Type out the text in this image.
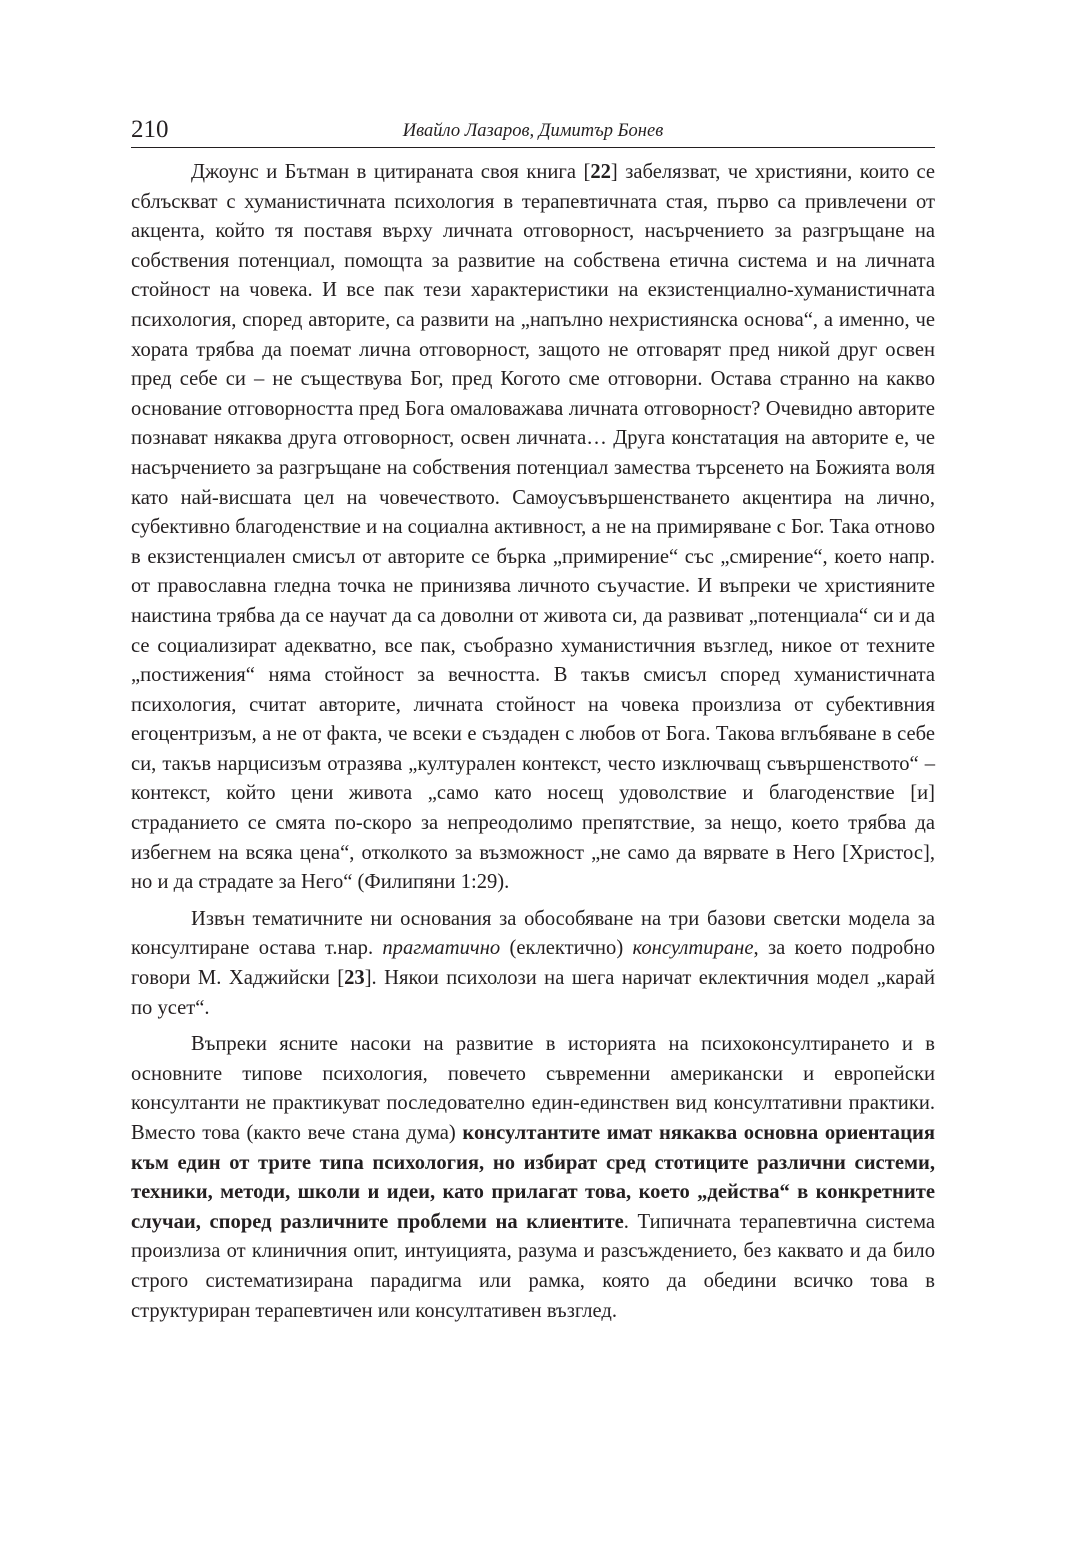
210	Ивайло Лазаров, Димитър Бонев

Джоунс и Бътман в цитираната своя книга [22] забелязват, че християни, които се сблъскват с хуманистичната психология в терапевтичната стая, първо са привлечени от акцента, който тя поставя върху личната отговорност, насърчението за разгръщане на собствения потенциал, помощта за развитие на собствена етична система и на личната стойност на човека. И все пак тези характеристики на екзистенциално-хуманистичната психология, според авторите, са развити на „напълно нехристиянска основа“, а именно, че хората трябва да поемат лична отговорност, защото не отговарят пред никой друг освен пред себе си – не съществува Бог, пред Когото сме отговорни. Остава странно на какво основание отговорността пред Бога омаловажава личната отговорност? Очевидно авторите познават някаква друга отговорност, освен личната… Друга констатация на авторите е, че насърчението за разгръщане на собствения потенциал замества търсенето на Божията воля като най-висшата цел на човечеството. Самоусъвършенстването акцентира на лично, субективно благоденствие и на социална активност, а не на примиряване с Бог. Така отново в екзистенциален смисъл от авторите се бърка „примирение“ със „смирение“, което напр. от православна гледна точка не принизява личното съучастие. И въпреки че християните наистина трябва да се научат да са доволни от живота си, да развиват „потенциала“ си и да се социализират адекватно, все пак, съобразно хуманистичния възглед, никое от техните „постижения“ няма стойност за вечността. В такъв смисъл според хуманистичната психология, считат авторите, личната стойност на човека произлиза от субективния егоцентризъм, а не от факта, че всеки е създаден с любов от Бога. Такова вглъбяване в себе си, такъв нарцисизъм отразява „културален контекст, често изключващ съвършенството“ – контекст, който цени живота „само като носещ удоволствие и благоденствие [и] страданието се смята по-скоро за непреодолимо препятствие, за нещо, което трябва да избегнем на всяка цена“, отколкото за възможност „не само да вярвате в Него [Христос], но и да страдате за Него“ (Филипяни 1:29).

Извън тематичните ни основания за обособяване на три базови светски модела за консултиране остава т.нар. прагматично (еклектично) консултиране, за което подробно говори М. Хаджийски [23]. Някои психолози на шега наричат еклектичния модел „карай по усет“.

Въпреки ясните насоки на развитие в историята на психоконсултирането и в основните типове психология, повечето съвременни американски и европейски консултанти не практикуват последователно един-единствен вид консултативни практики. Вместо това (както вече стана дума) консултантите имат някаква основна ориентация към един от трите типа психология, но избират сред стотиците различни системи, техники, методи, школи и идеи, като прилагат това, което „действа“ в конкретните случаи, според различните проблеми на клиентите. Типичната терапевтична система произлиза от клиничния опит, интуицията, разума и разсъждението, без каквато и да било строго систематизирана парадигма или рамка, която да обедини всичко това в структуриран терапевтичен или консултативен възглед.
